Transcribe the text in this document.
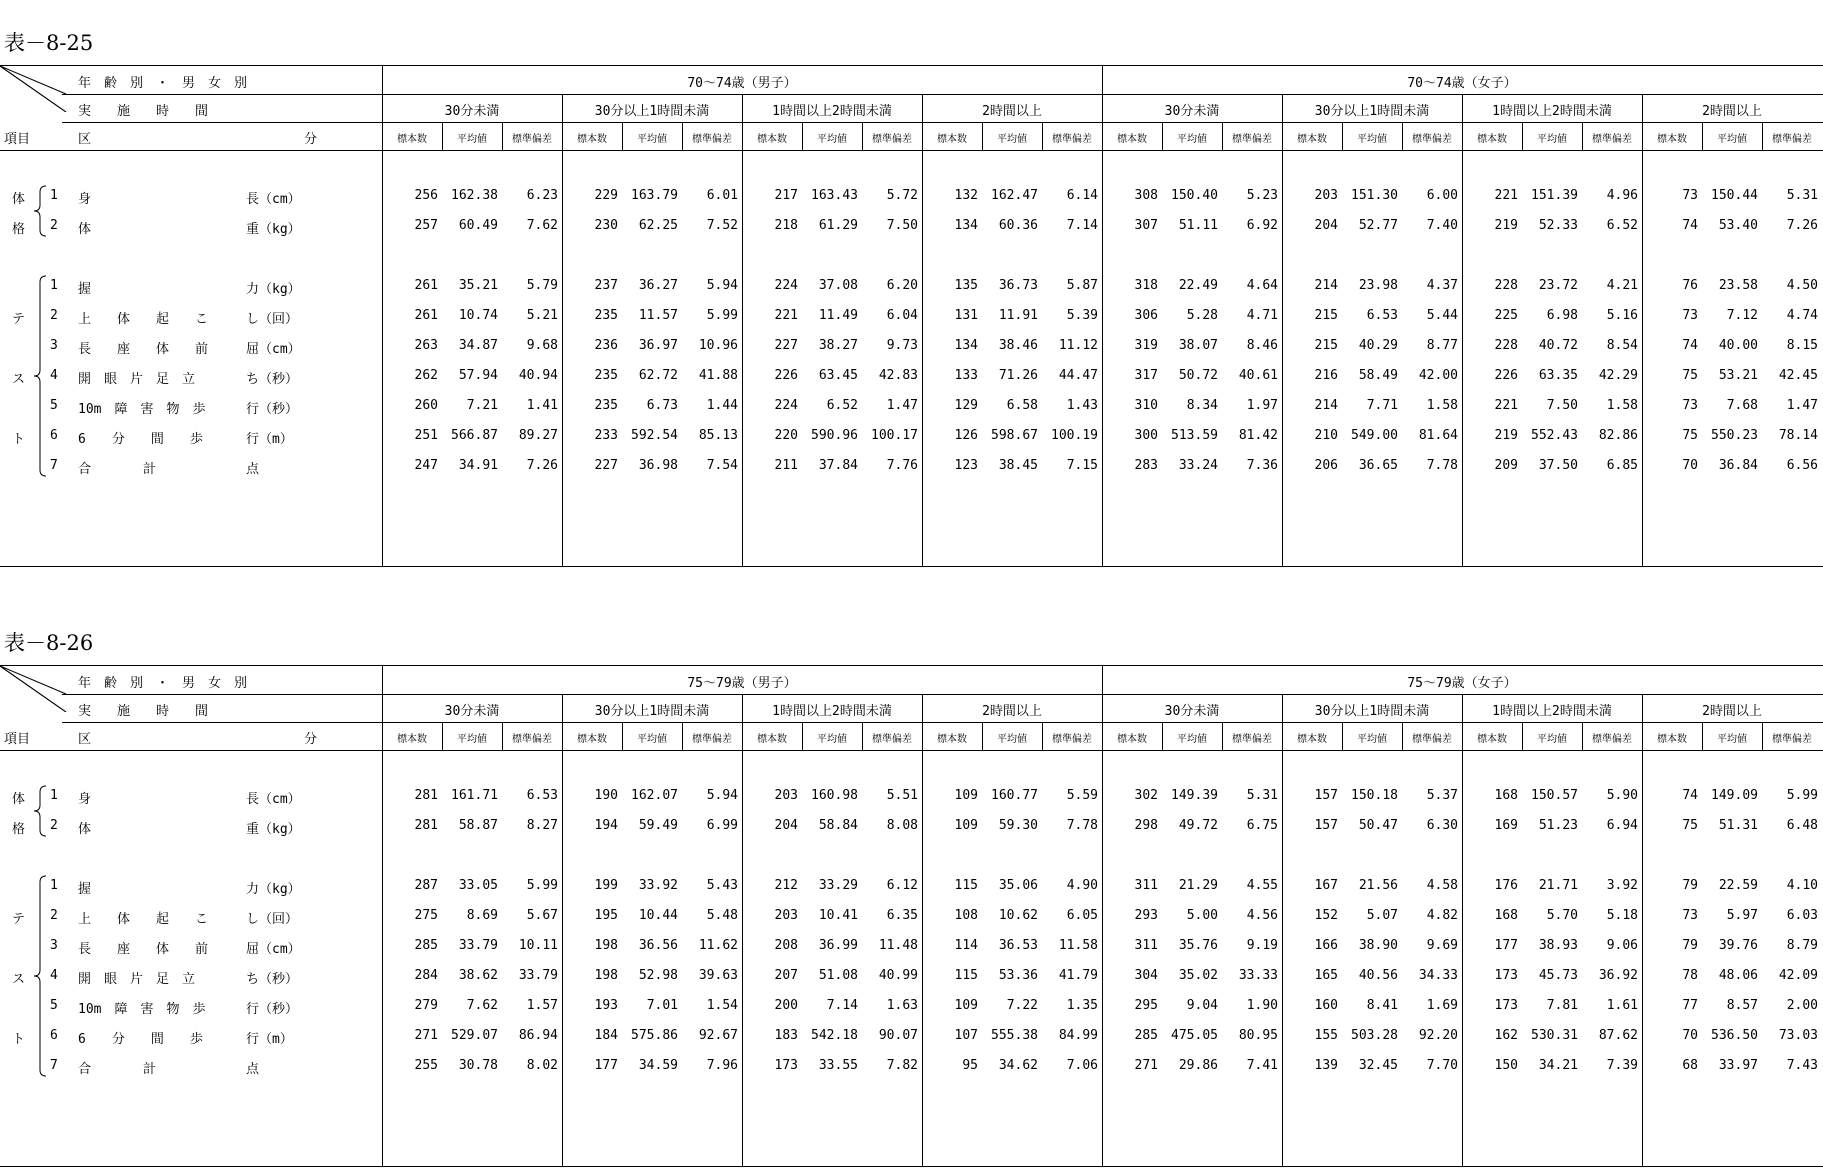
表－8-25
年　齢　別　・　男　女　別
実　　施　　時　　間
項目	区	分
70～74歳（男子）	70～74歳（女子）
30分未満
標本数	平均値	標準偏差
30分以上1時間未満
標本数	平均値	標準偏差
1時間以上2時間未満
標本数	平均値	標準偏差
2時間以上
標本数	平均値	標準偏差
30分未満
標本数	平均値	標準偏差
30分以上1時間未満
標本数	平均値	標準偏差
1時間以上2時間未満
標本数	平均値	標準偏差
2時間以上
標本数	平均値	標準偏差
体
格
テ
ス
ト
1 身	長（cm）	256	162.38	6.23	229	163.79	6.01	217	163.43	5.72	132	162.47	6.14	308	150.40	5.23	203	151.30	6.00	221	151.39	4.96	73	150.44	5.31
2 体	重（kg）	257	60.49	7.62	230	62.25	7.52	218	61.29	7.50	134	60.36	7.14	307	51.11	6.92	204	52.77	7.40	219	52.33	6.52	74	53.40	7.26
1 握	力（kg）	261	35.21	5.79	237	36.27	5.94	224	37.08	6.20	135	36.73	5.87	318	22.49	4.64	214	23.98	4.37	228	23.72	4.21	76	23.58	4.50
2 上　　体　　起　　こ	し（回）	261	10.74	5.21	235	11.57	5.99	221	11.49	6.04	131	11.91	5.39	306	5.28	4.71	215	6.53	5.44	225	6.98	5.16	73	7.12	4.74
3 長　　座　　体　　前	屈（cm）	263	34.87	9.68	236	36.97	10.96	227	38.27	9.73	134	38.46	11.12	319	38.07	8.46	215	40.29	8.77	228	40.72	8.54	74	40.00	8.15
4 開　眼　片　足　立	ち（秒）	262	57.94	40.94	235	62.72	41.88	226	63.45	42.83	133	71.26	44.47	317	50.72	40.61	216	58.49	42.00	226	63.35	42.29	75	53.21	42.45
5 10m　障　害　物　歩	行（秒）	260	7.21	1.41	235	6.73	1.44	224	6.52	1.47	129	6.58	1.43	310	8.34	1.97	214	7.71	1.58	221	7.50	1.58	73	7.68	1.47
6 6　　分　　間　　歩	行（m）	251	566.87	89.27	233	592.54	85.13	220	590.96	100.17	126	598.67	100.19	300	513.59	81.42	210	549.00	81.64	219	552.43	82.86	75	550.23	78.14
7 合　　　　計	点	247	34.91	7.26	227	36.98	7.54	211	37.84	7.76	123	38.45	7.15	283	33.24	7.36	206	36.65	7.78	209	37.50	6.85	70	36.84	6.56
表－8-26
年　齢　別　・　男　女　別
実　　施　　時　　間
項目	区	分
75～79歳（男子）	75～79歳（女子）
30分未満
標本数	平均値	標準偏差
30分以上1時間未満
標本数	平均値	標準偏差
1時間以上2時間未満
標本数	平均値	標準偏差
2時間以上
標本数	平均値	標準偏差
30分未満
標本数	平均値	標準偏差
30分以上1時間未満
標本数	平均値	標準偏差
1時間以上2時間未満
標本数	平均値	標準偏差
2時間以上
標本数	平均値	標準偏差
体
格
テ
ス
ト
1 身	長（cm）	281	161.71	6.53	190	162.07	5.94	203	160.98	5.51	109	160.77	5.59	302	149.39	5.31	157	150.18	5.37	168	150.57	5.90	74	149.09	5.99
2 体	重（kg）	281	58.87	8.27	194	59.49	6.99	204	58.84	8.08	109	59.30	7.78	298	49.72	6.75	157	50.47	6.30	169	51.23	6.94	75	51.31	6.48
1 握	力（kg）	287	33.05	5.99	199	33.92	5.43	212	33.29	6.12	115	35.06	4.90	311	21.29	4.55	167	21.56	4.58	176	21.71	3.92	79	22.59	4.10
2 上　　体　　起　　こ	し（回）	275	8.69	5.67	195	10.44	5.48	203	10.41	6.35	108	10.62	6.05	293	5.00	4.56	152	5.07	4.82	168	5.70	5.18	73	5.97	6.03
3 長　　座　　体　　前	屈（cm）	285	33.79	10.11	198	36.56	11.62	208	36.99	11.48	114	36.53	11.58	311	35.76	9.19	166	38.90	9.69	177	38.93	9.06	79	39.76	8.79
4 開　眼　片　足　立	ち（秒）	284	38.62	33.79	198	52.98	39.63	207	51.08	40.99	115	53.36	41.79	304	35.02	33.33	165	40.56	34.33	173	45.73	36.92	78	48.06	42.09
5 10m　障　害　物　歩	行（秒）	279	7.62	1.57	193	7.01	1.54	200	7.14	1.63	109	7.22	1.35	295	9.04	1.90	160	8.41	1.69	173	7.81	1.61	77	8.57	2.00
6 6　　分　　間　　歩	行（m）	271	529.07	86.94	184	575.86	92.67	183	542.18	90.07	107	555.38	84.99	285	475.05	80.95	155	503.28	92.20	162	530.31	87.62	70	536.50	73.03
7 合　　　　計	点	255	30.78	8.02	177	34.59	7.96	173	33.55	7.82	95	34.62	7.06	271	29.86	7.41	139	32.45	7.70	150	34.21	7.39	68	33.97	7.43
